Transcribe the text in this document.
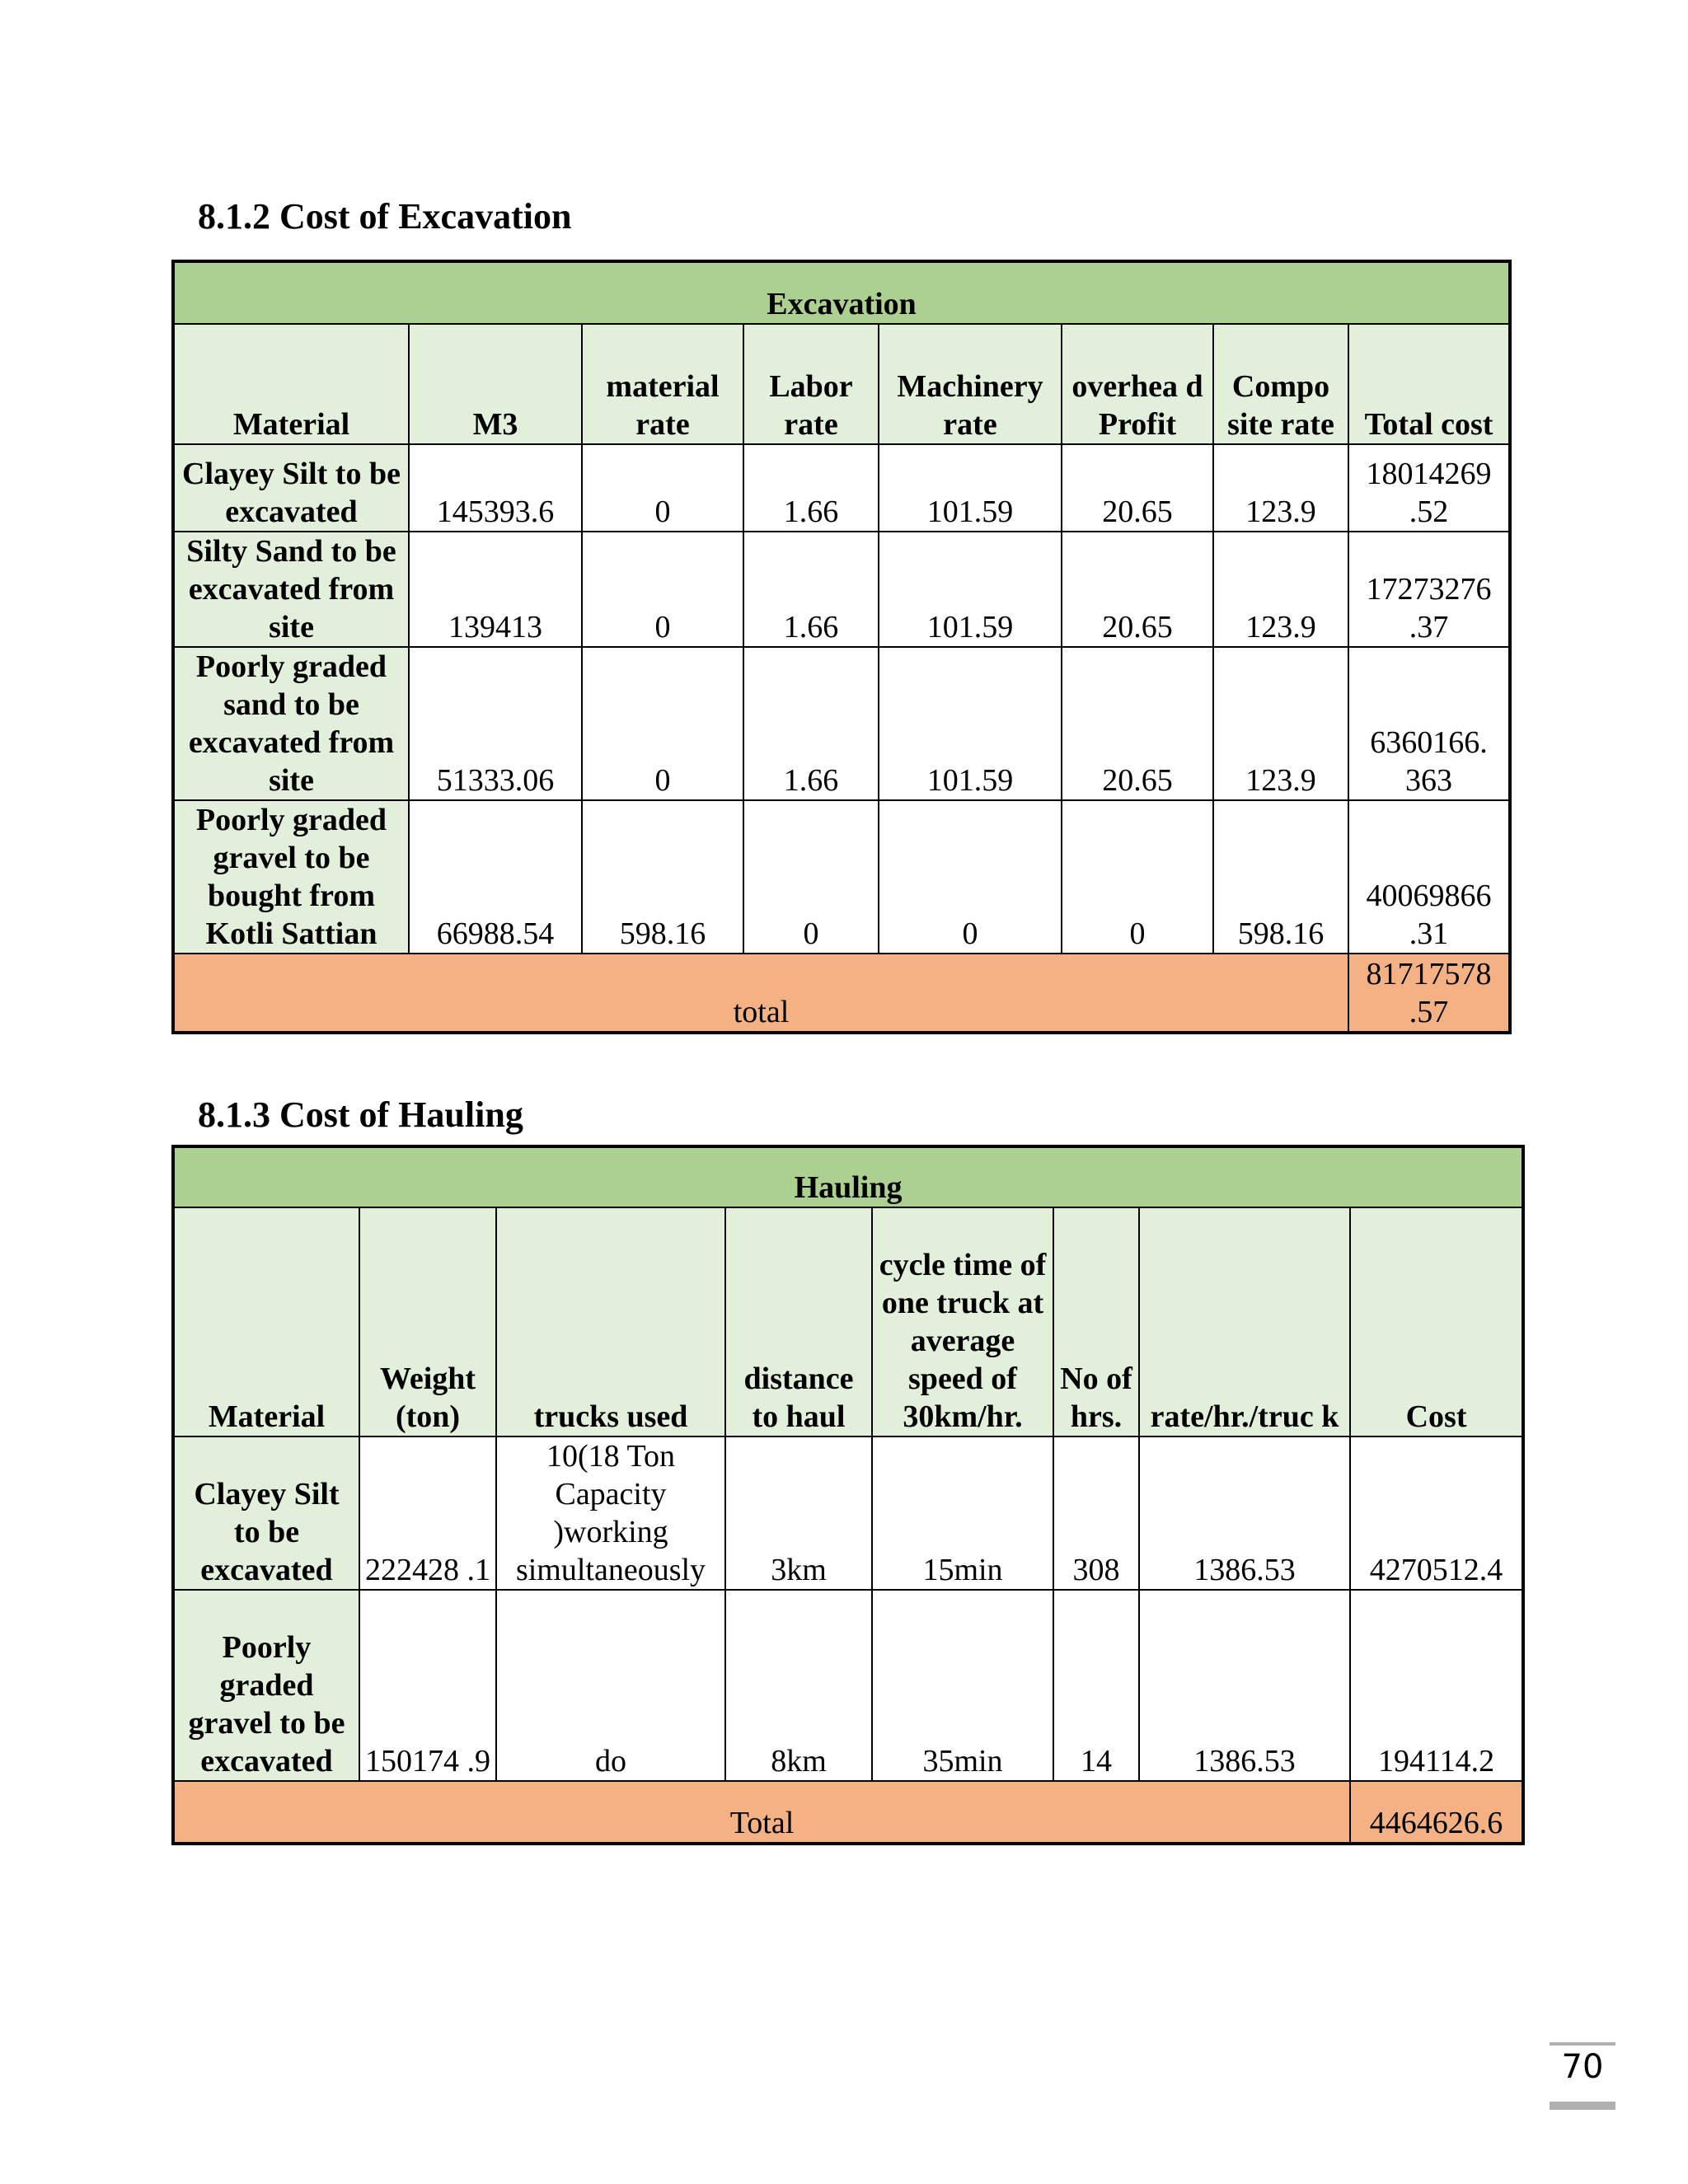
8.1.2 Cost of Excavation
Excavation							
Material	M3	material rate	Labor rate	Machinery rate	overhea d Profit	Compo site rate	Total cost
Clayey Silt to be excavated	145393.6	0	1.66	101.59	20.65	123.9	18014269 .52
Silty Sand to be excavated from site	139413	0	1.66	101.59	20.65	123.9	17273276 .37
Poorly graded sand to be excavated from site	51333.06	0	1.66	101.59	20.65	123.9	6360166. 363
Poorly graded gravel to be bought from Kotli Sattian	66988.54	598.16	0	0	0	598.16	40069866 .31
total							81717578 .57
8.1.3 Cost of Hauling
Hauling							
Material	Weight (ton)	trucks used	distance to haul	cycle time of one truck at average speed of 30km/hr.	No of hrs.	rate/hr./truc k	Cost
Clayey Silt to be excavated	222428 .1	10(18 Ton Capacity )working simultaneously	3km	15min	308	1386.53	4270512.4
Poorly graded gravel to be excavated	150174 .9	do	8km	35min	14	1386.53	194114.2
Total							4464626.6
70
